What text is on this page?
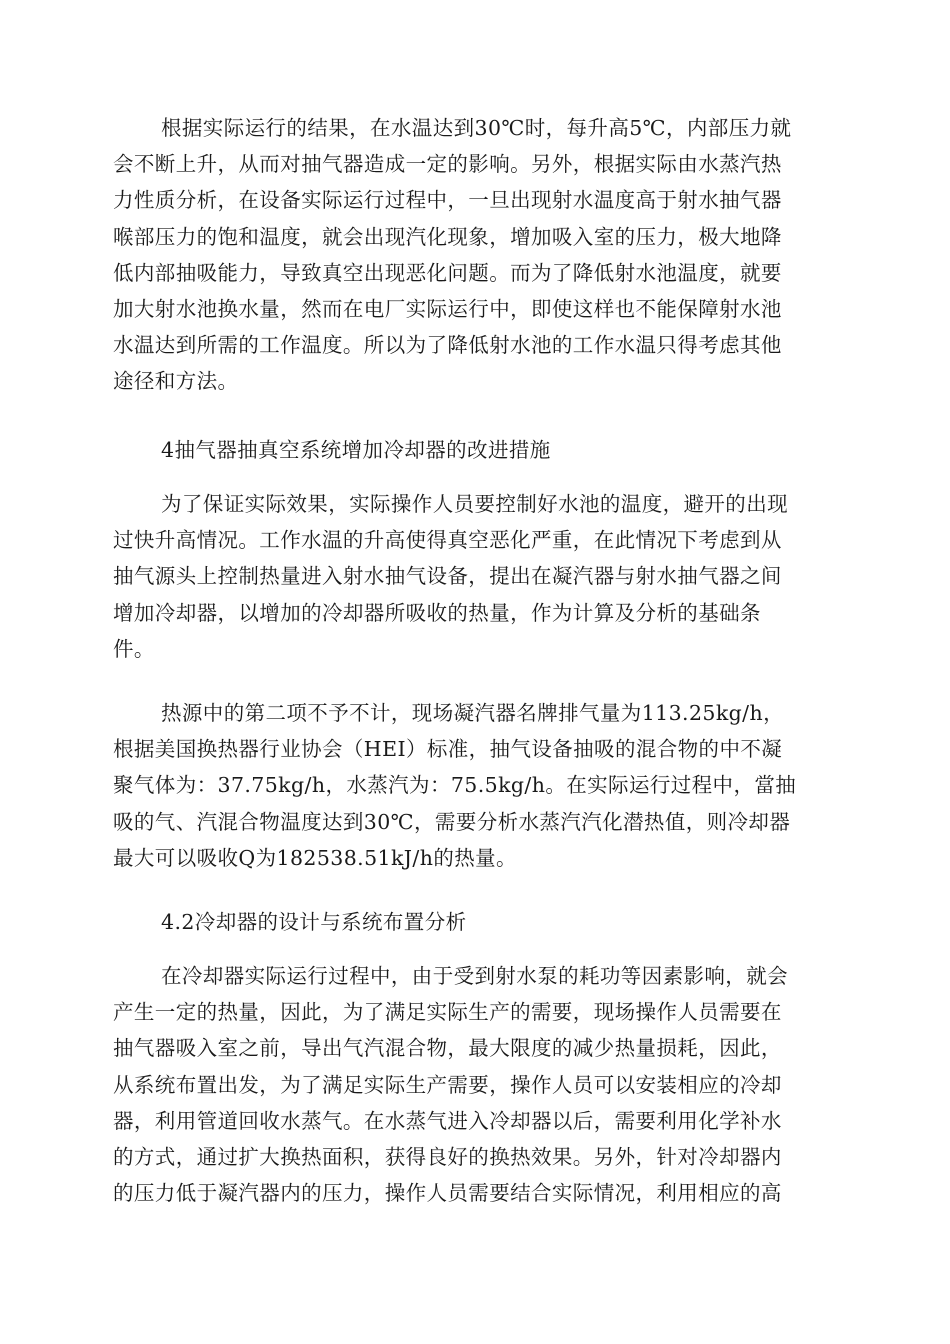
根据实际运行的结果，在水温达到30℃时，每升高5℃，内部压力就
会不断上升，从而对抽气器造成一定的影响。另外，根据实际由水蒸汽热
力性质分析，在设备实际运行过程中，一旦出现射水温度高于射水抽气器
喉部压力的饱和温度，就会出现汽化现象，增加吸入室的压力，极大地降
低内部抽吸能力，导致真空出现恶化问题。而为了降低射水池温度，就要
加大射水池换水量，然而在电厂实际运行中，即使这样也不能保障射水池
水温达到所需的工作温度。所以为了降低射水池的工作水温只得考虑其他
途径和方法。
4抽气器抽真空系统增加冷却器的改进措施
为了保证实际效果，实际操作人员要控制好水池的温度，避开的出现
过快升高情况。工作水温的升高使得真空恶化严重，在此情况下考虑到从
抽气源头上控制热量进入射水抽气设备，提出在凝汽器与射水抽气器之间
增加冷却器，以增加的冷却器所吸收的热量，作为计算及分析的基础条
件。
热源中的第二项不予不计，现场凝汽器名牌排气量为113.25kg/h，
根据美国换热器行业协会（HEI）标准，抽气设备抽吸的混合物的中不凝
聚气体为：37.75kg/h，水蒸汽为：75.5kg/h。在实际运行过程中，當抽
吸的气、汽混合物温度达到30℃，需要分析水蒸汽汽化潜热值，则冷却器
最大可以吸收Q为182538.51kJ/h的热量。
4.2冷却器的设计与系统布置分析
在冷却器实际运行过程中，由于受到射水泵的耗功等因素影响，就会
产生一定的热量，因此，为了满足实际生产的需要，现场操作人员需要在
抽气器吸入室之前，导出气汽混合物，最大限度的减少热量损耗，因此，
从系统布置出发，为了满足实际生产需要，操作人员可以安装相应的冷却
器，利用管道回收水蒸气。在水蒸气进入冷却器以后，需要利用化学补水
的方式，通过扩大换热面积，获得良好的换热效果。另外，针对冷却器内
的压力低于凝汽器内的压力，操作人员需要结合实际情况，利用相应的高
